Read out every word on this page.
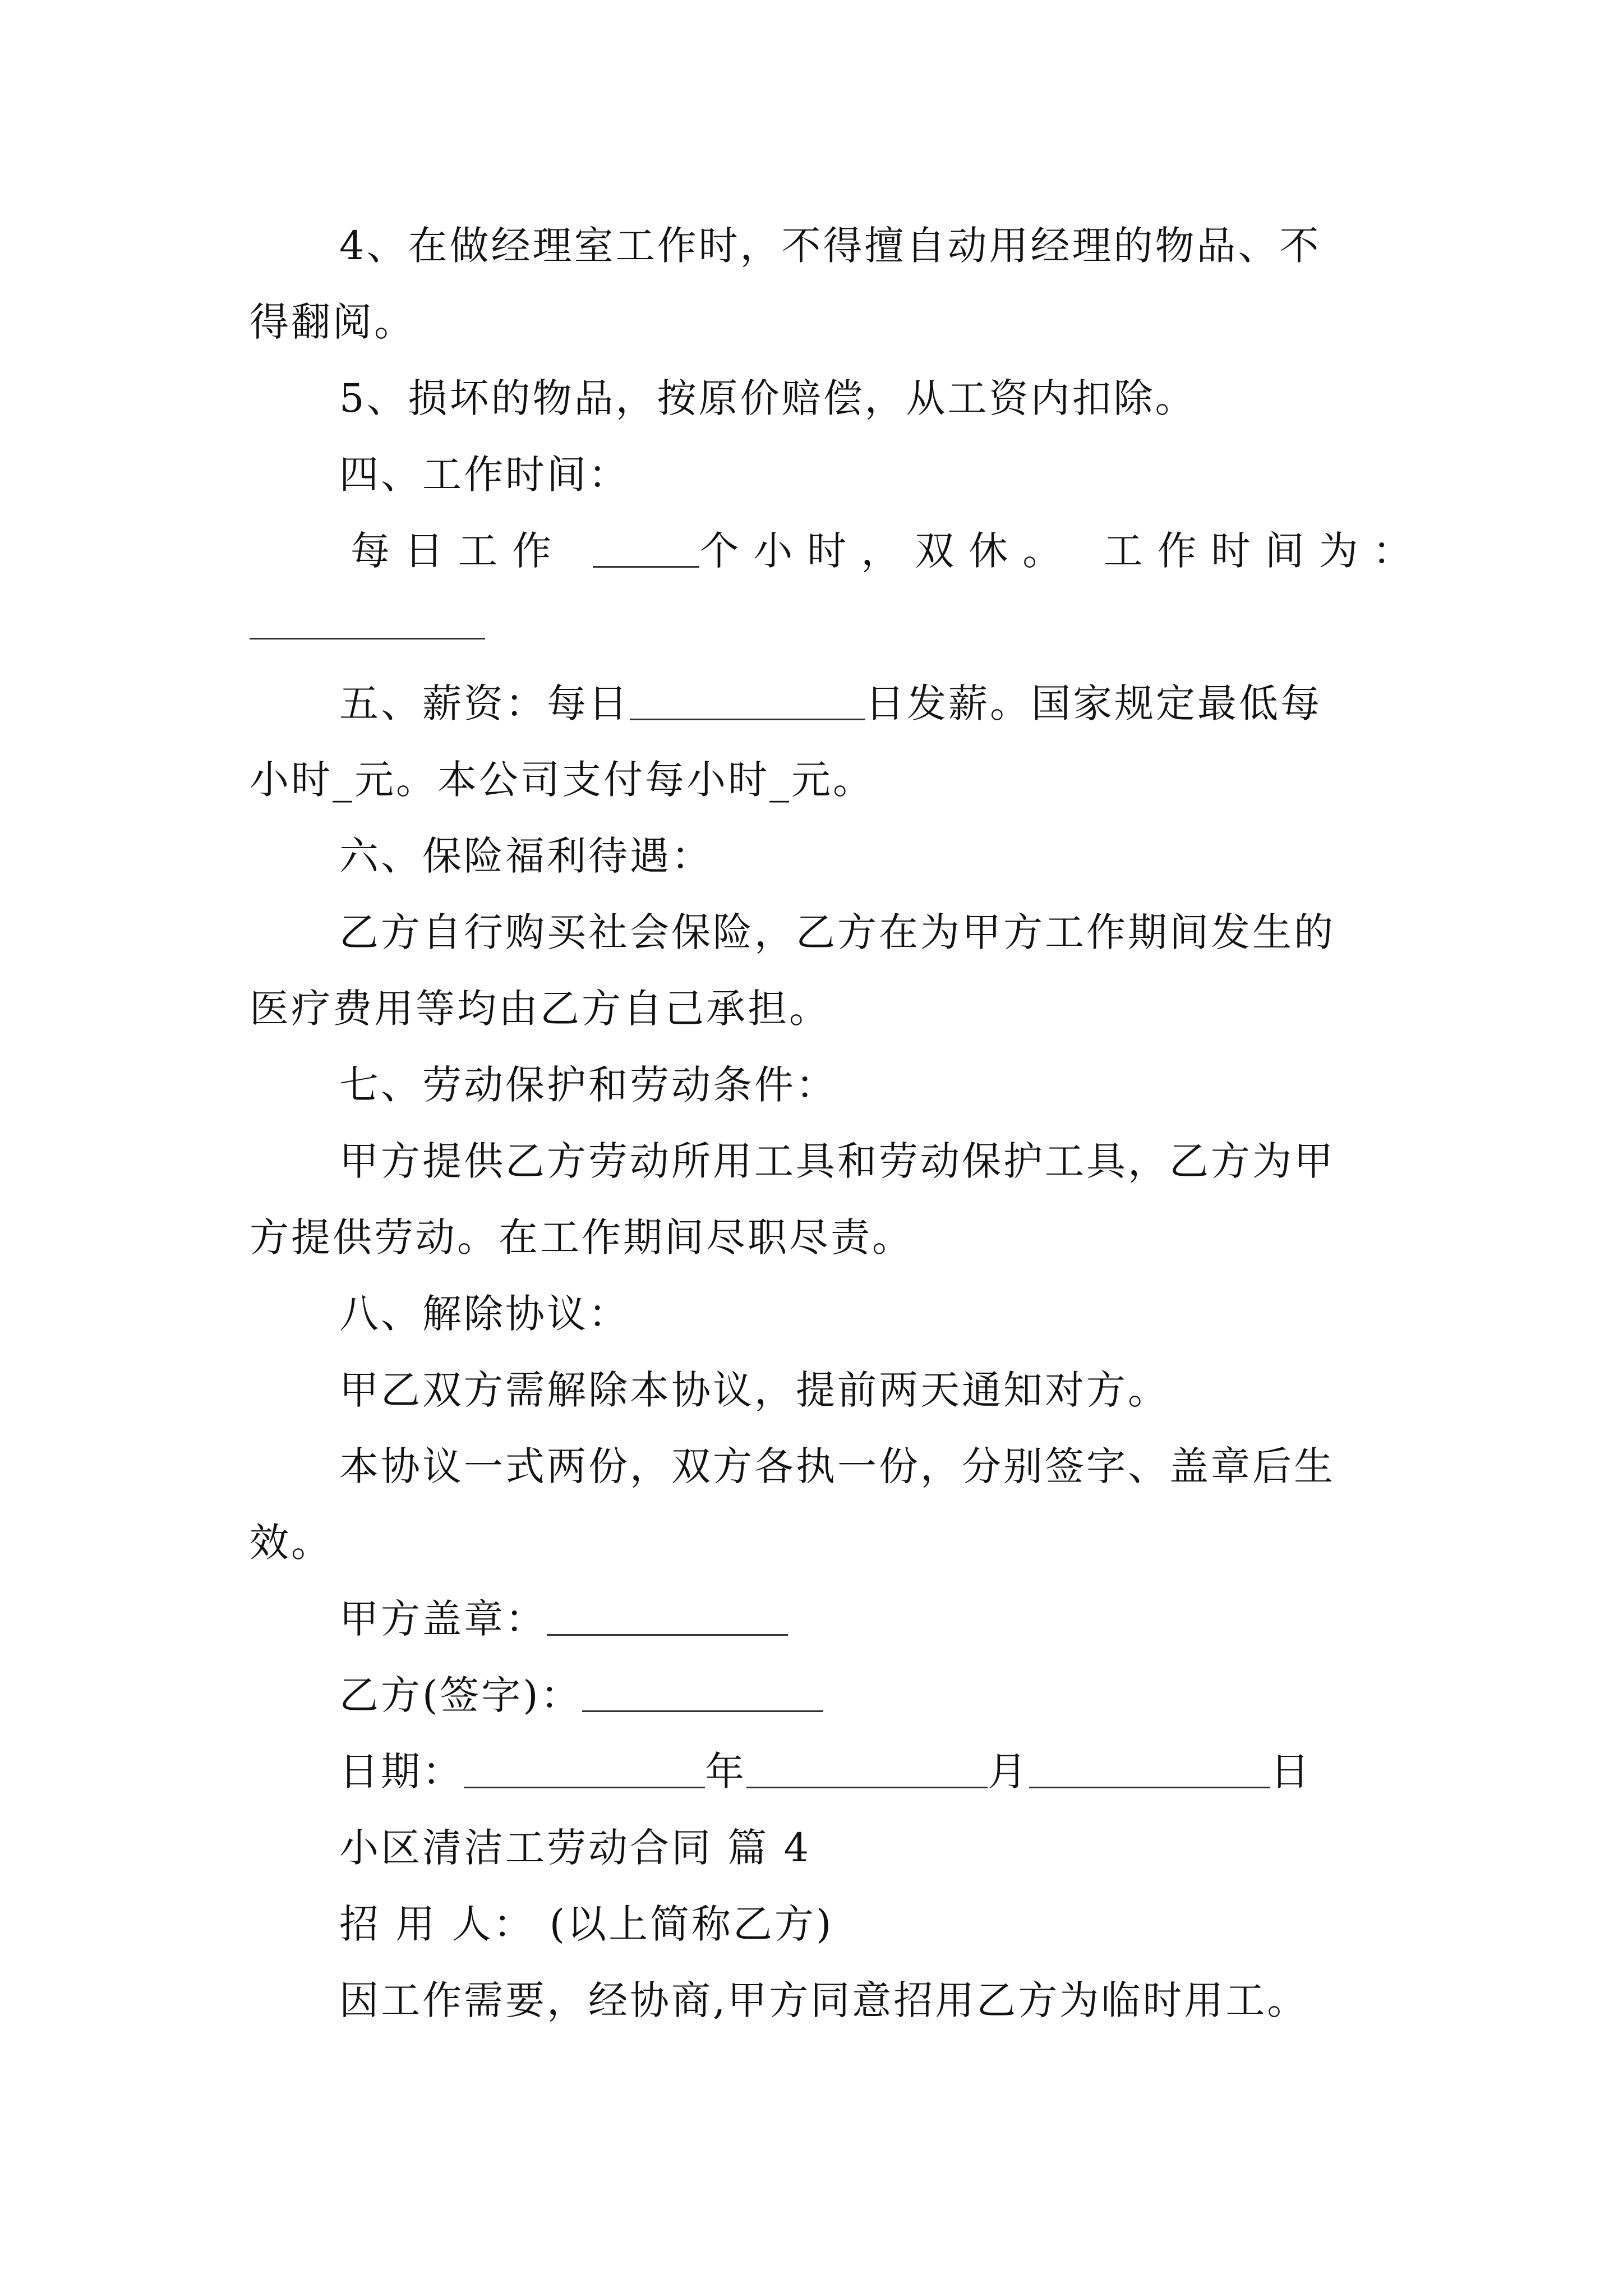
4、在做经理室工作时，不得擅自动用经理的物品、不
得翻阅。
5、损坏的物品，按原价赔偿，从工资内扣除。
四、工作时间：
每日工作	个小时，双休。 工作时间为：
五、薪资：每日	日发薪。国家规定最低每
小时_元。本公司支付每小时_元。
六、保险福利待遇：
乙方自行购买社会保险，乙方在为甲方工作期间发生的
医疗费用等均由乙方自己承担。
七、劳动保护和劳动条件：
甲方提供乙方劳动所用工具和劳动保护工具，乙方为甲
方提供劳动。在工作期间尽职尽责。
八、解除协议：
甲乙双方需解除本协议，提前两天通知对方。
本协议一式两份，双方各执一份，分别签字、盖章后生
效。
甲方盖章：
乙方(签字)：
日期：	年	月	日
小区清洁工劳动合同 篇 4
招 用 人： (以上简称乙方)
因工作需要，经协商,甲方同意招用乙方为临时用工。
